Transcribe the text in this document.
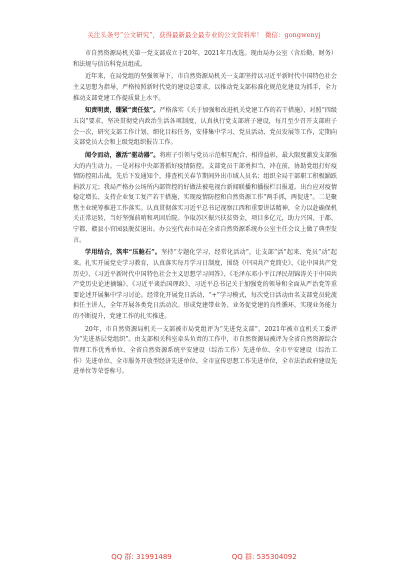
关注头条号“公文研究”，获得最新最全最专业的公文资料库！ 微信：gongwenyj

市自然资源局机关第一党支部成立于20年，2021年月改选。现由局办公室（含后勤、财务）和法规与信访科党员组成。

近年来，在局党组的坚强领导下，市自然资源局机关一支部坚持以习近平新时代中国特色社会主义思想为指导，严格按照新时代党的建设总要求，以推动党支部标准化规范化建设为抓手，全力推动支部党建工作提质量上水平。

知责明责，绷紧“责任弦”。严格落实《关于加强和改进机关党建工作的若干措施》，对照“四级五岗”要求，坚决贯彻党内政治生活各项制度，认真执行党支部班子建设，每月至少召开支部班子会一次，研究支部工作计划、细化目标任务，安排集中学习、党员活动、党员发展等工作，定期向支部党员大会和上级党组织报告工作。

闻令而动，激活“驱动器”。将班子引领与党员示范相互配合、相得益彰，最大限度激发支部强大的内生动力。一是对标中央部署抓好疫情防控。支部党员干部勇担当、冲在前，协助党组打好疫情防控阻击战，先后下发通知个，排查机关春节期间外出市域人员名；组织全局干部职工积极踊跃捐款万元；我局严格办公场所内部管控的好做法被电视台新闻联播和播报栏目报道。出台应对疫情稳定增长、支持企业复工复产若干措施，实现疫情防控和自然资源工作“两手抓，两促进”。二是聚焦主业统筹推进工作落实。认真贯彻落实习近平总书记视察江西和重要讲话精神，全力以赴确保机关正常运转，当好坚强前哨和巩固后院。争取苏区振兴扶贫资金，项目多亿元，助力兴国、于都、宁都、赣县小官园县脱贫退出。办公室代表市局在全省自然资源系统办公室主任会议上做了典型发言。

学用结合，筑牢“压舱石”。坚持“专题化学习，经常化活动”，让支部“活”起来、党员“动”起来。扎实开展党史学习教育，认真落实每月学习日制度，围绕《中国共产党简史》、《论中国共产党历史》、《习近平新时代中国特色社会主义思想学习问答》、《毛泽东邓小平江泽民胡锦涛关于中国共产党历史论述摘编》、《习近平谈治国理政》、习近平总书记关于加强党的领导和全面从严治党等重要论述开展集中学习讨论。经常化开展党日活动，“+”学习模式，每次党日活动由名支部党员轮流担任主讲人，全年开展各类党日活动次。形成党建带业务、业务促党建的良性循环，实现业务能力的不断提升，党建工作的扎实推进。

20年，市自然资源局机关一支部被市局党组评为“先进党支部”，2021年被市直机关工委评为“先进基层党组织”。由支部相关科室牵头负责的工作中，市自然资源局被评为全省自然资源综合管理工作优秀单位、全省自然资源系统平安建设（综治工作）先进单位、全市平安建设（综治工作）先进单位、全市服务开放型经济先进单位、全市宣传思想工作先进单位，全市法治政府建设先进单位等荣誉称号。

QQ 群: 31991489	QQ 群: 535304092
